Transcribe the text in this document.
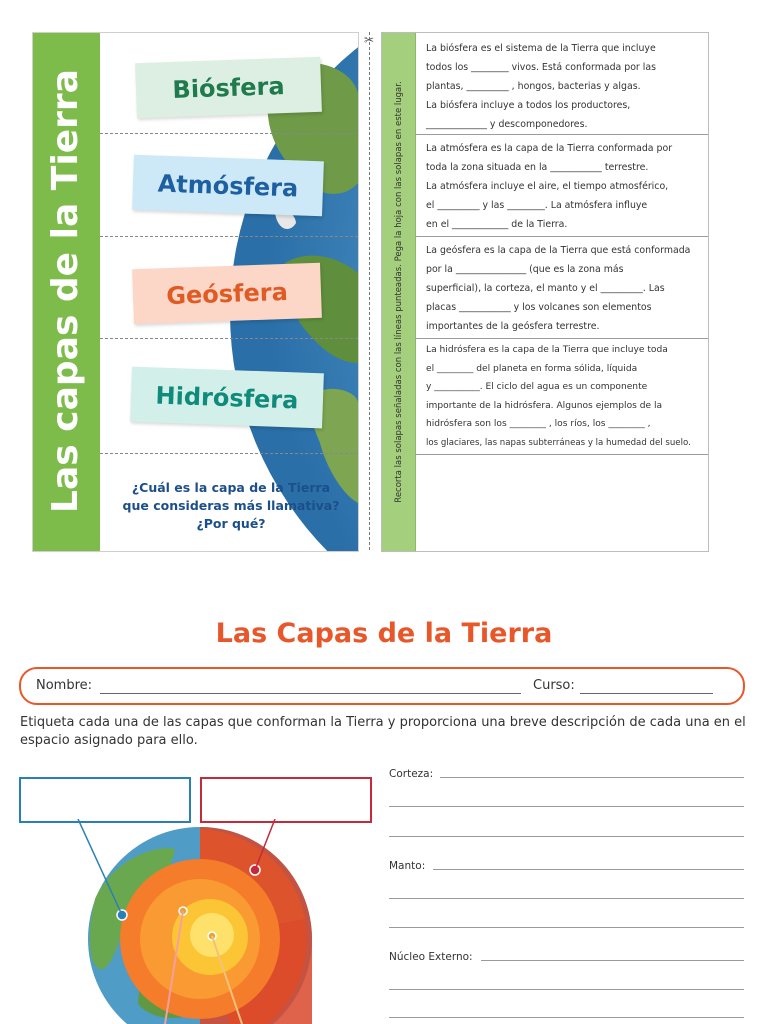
Las capas de la Tierra	Biósfera
Atmósfera
Geósfera
Hidrósfera
¿Cuál es la capa de la Tierra que consideras más llamativa? ¿Por qué?
✂
Recorta las solapas señaladas con las líneas punteadas. Pega la hoja con las solapas en este lugar.
La biósfera es el sistema de la Tierra que incluye
todos los ________ vivos. Está conformada por las
plantas, _________ , hongos, bacterias y algas.
La biósfera incluye a todos los productores,
_____________ y descomponedores.
La atmósfera es la capa de la Tierra conformada por
toda la zona situada en la ___________ terrestre.
La atmósfera incluye el aire, el tiempo atmosférico,
el _________ y las ________. La atmósfera influye
en el ____________ de la Tierra.
La geósfera es la capa de la Tierra que está conformada
por la _______________ (que es la zona más
superficial), la corteza, el manto y el _________. Las
placas ___________ y los volcanes son elementos
importantes de la geósfera terrestre.
La hidrósfera es la capa de la Tierra que incluye toda
el ________ del planeta en forma sólida, líquida
y __________. El ciclo del agua es un componente
importante de la hidrósfera. Algunos ejemplos de la
hidrósfera son los ________ , los ríos, los ________ ,
los glaciares, las napas subterráneas y la humedad del suelo.
Las Capas de la Tierra
Nombre:	Curso:
Etiqueta cada una de las capas que conforman la Tierra y proporciona una breve descripción de cada una en el espacio asignado para ello.
Corteza:
Manto:
Núcleo Externo:
